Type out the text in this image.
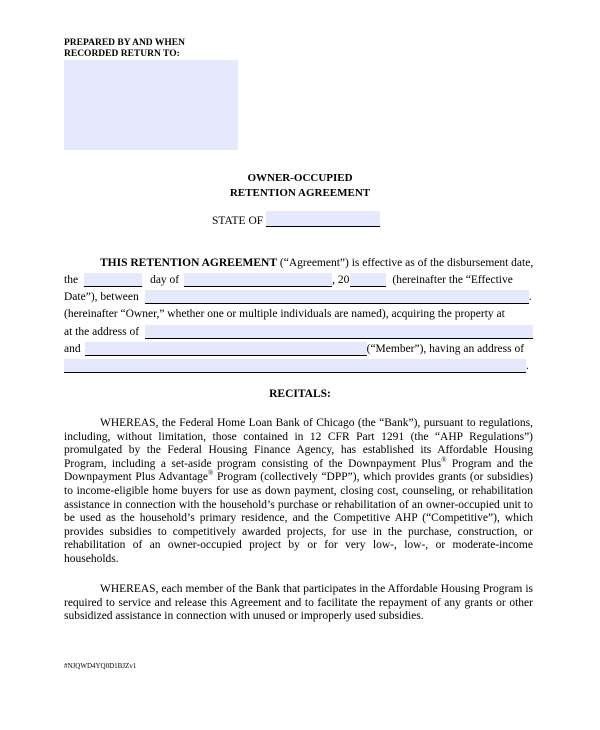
PREPARED BY AND WHEN
RECORDED RETURN TO:
OWNER-OCCUPIED
RETENTION AGREEMENT
STATE OF
THIS RETENTION AGREEMENT (“Agreement”) is effective as of the disbursement date,
the	day of	, 20	(hereinafter the “Effective
Date”), between	.
(hereinafter “Owner,” whether one or multiple individuals are named), acquiring the property at
at the address of
and	(“Member”), having an address of
.
RECITALS:
WHEREAS, the Federal Home Loan Bank of Chicago (the “Bank”), pursuant to regulations, including, without limitation, those contained in 12 CFR Part 1291 (the “AHP Regulations”) promulgated by the Federal Housing Finance Agency, has established its Affordable Housing Program, including a set-aside program consisting of the Downpayment Plus® Program and the Downpayment Plus Advantage® Program (collectively “DPP”), which provides grants (or subsidies) to income-eligible home buyers for use as down payment, closing cost, counseling, or rehabilitation assistance in connection with the household’s purchase or rehabilitation of an owner-occupied unit to be used as the household’s primary residence, and the Competitive AHP (“Competitive”), which provides subsidies to competitively awarded projects, for use in the purchase, construction, or rehabilitation of an owner-occupied project by or for very low-, low-, or moderate-income households.
WHEREAS, each member of the Bank that participates in the Affordable Housing Program is required to service and release this Agreement and to facilitate the repayment of any grants or other subsidized assistance in connection with unused or improperly used subsidies.
#NJQWD4YQ0D1BJZv1
